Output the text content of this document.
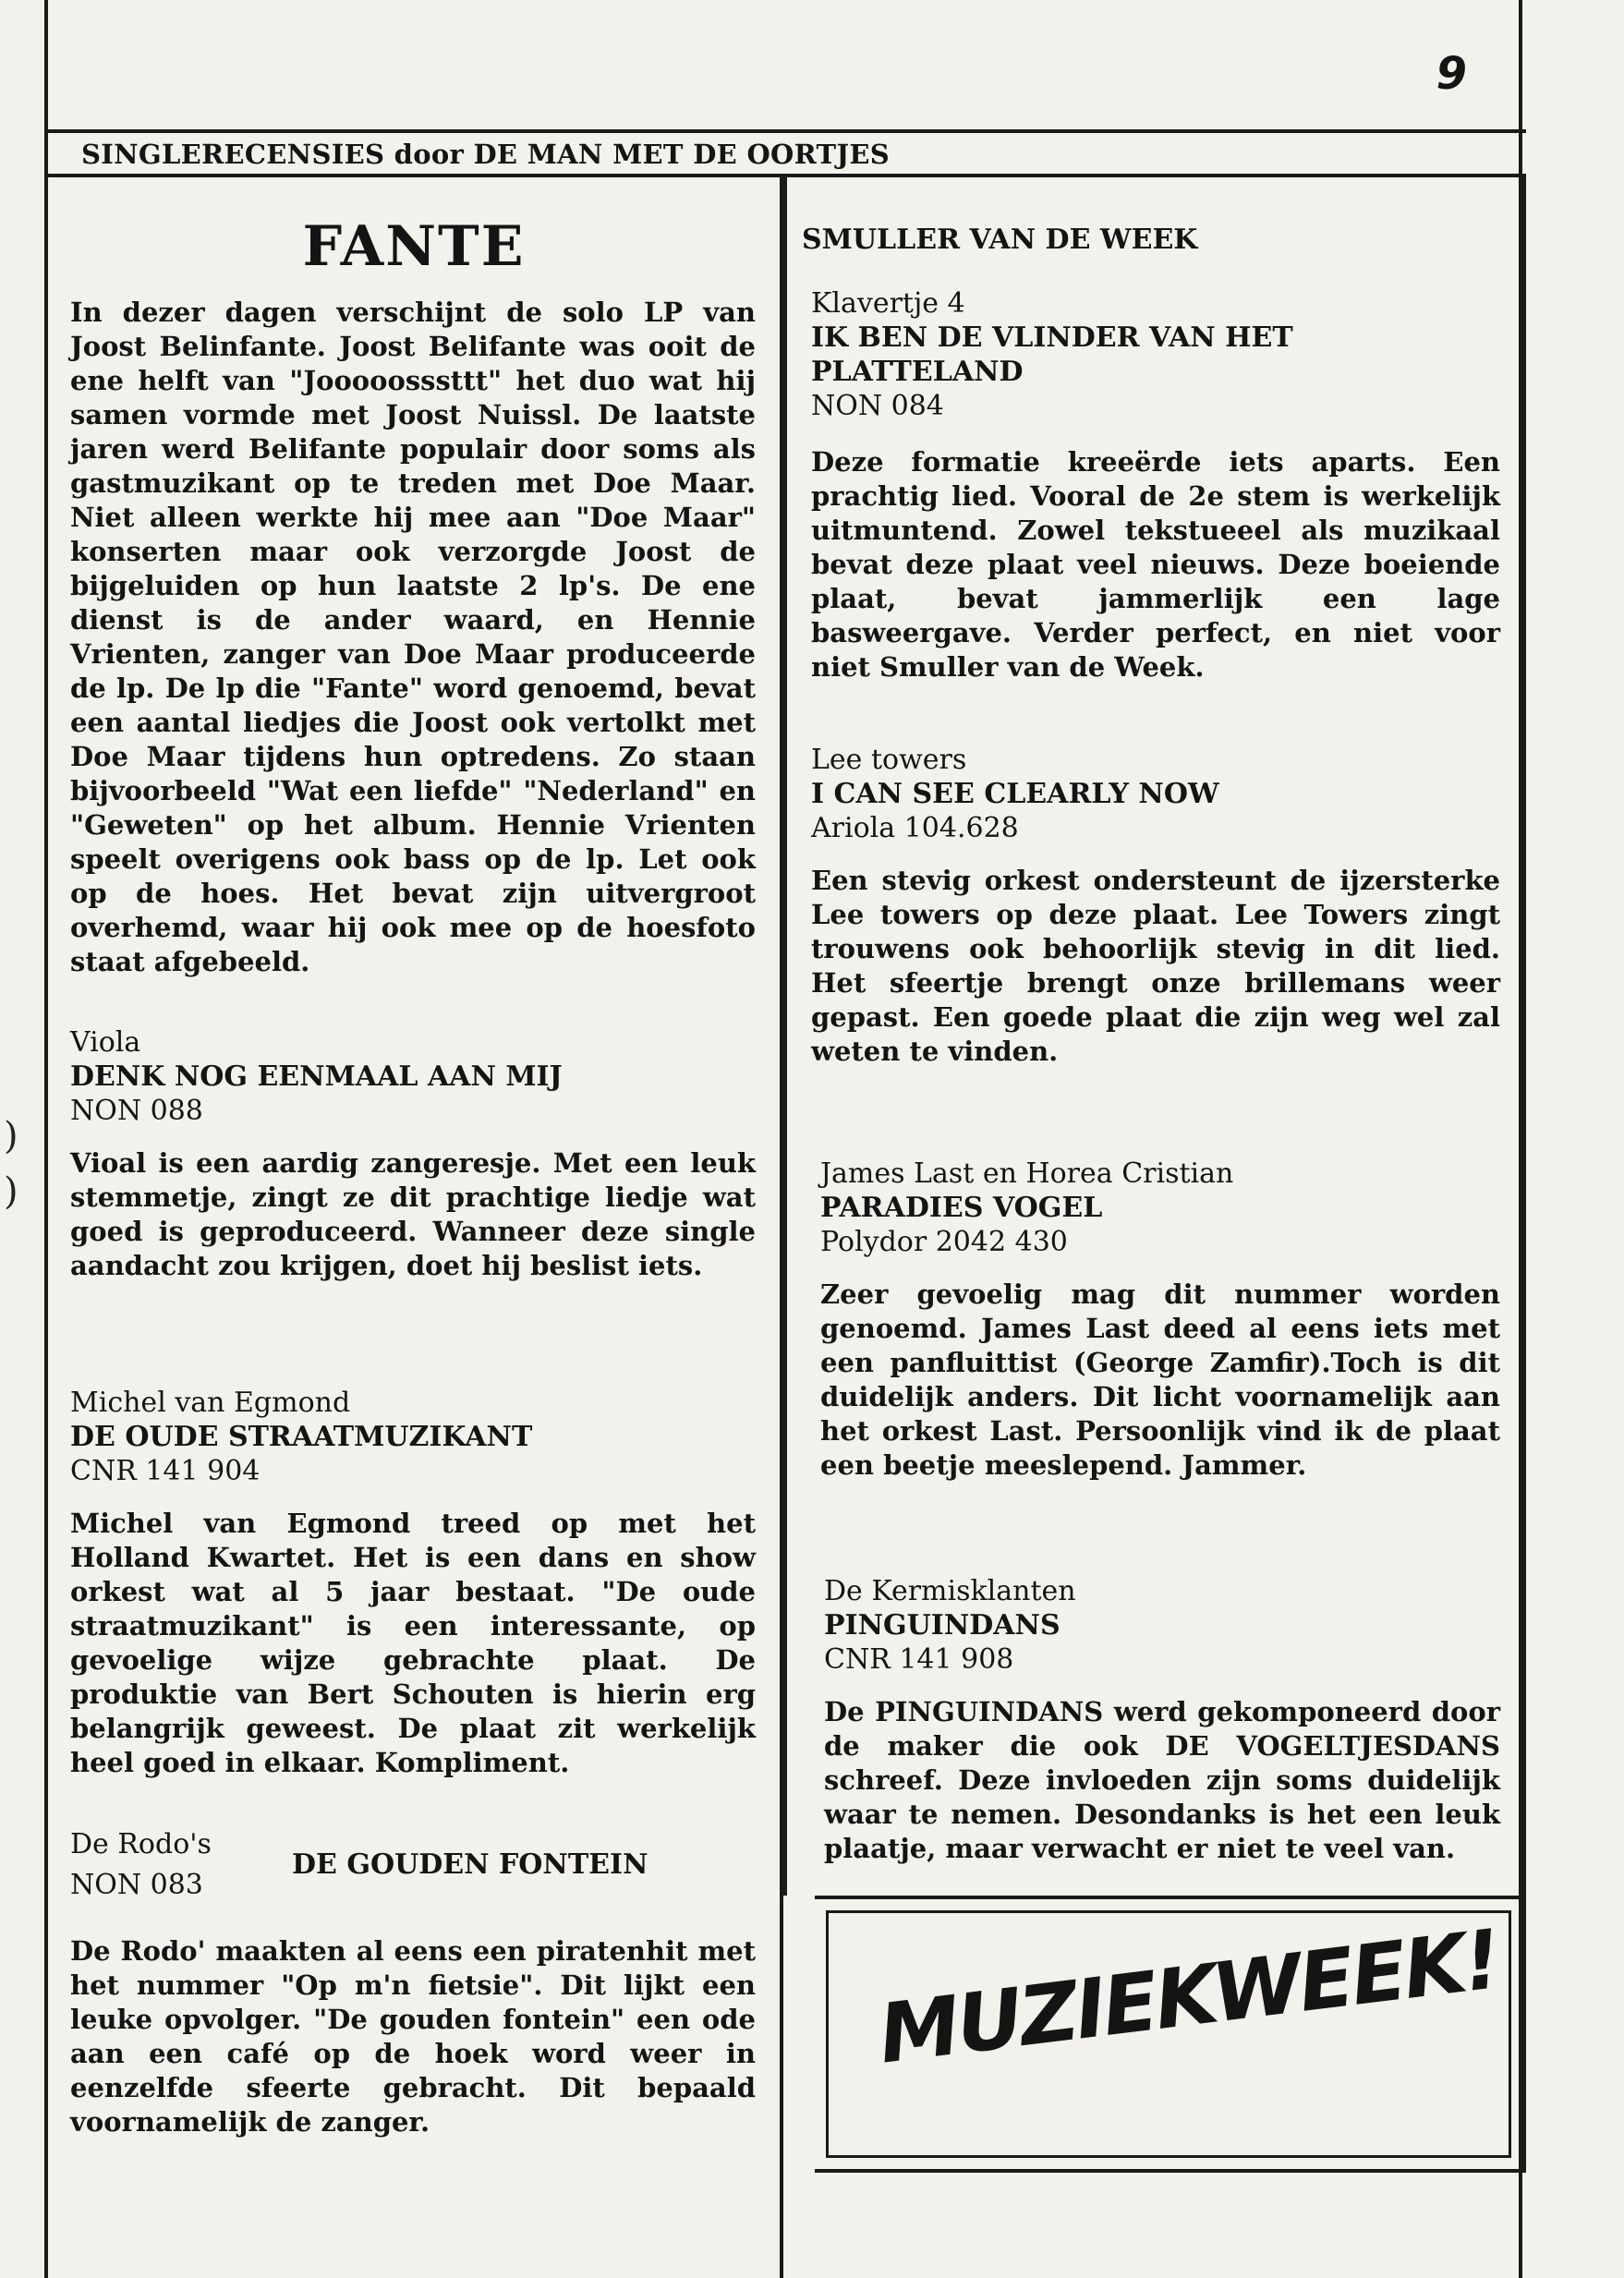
)
)
9
SINGLERECENSIES door DE MAN MET DE OORTJES
FANTE

In dezer dagen verschijnt de solo LP van Joost Belinfante. Joost Belifante was ooit de ene helft van "Jooooosssttt" het duo wat hij samen vormde met Joost Nuissl. De laatste jaren werd Belifante populair door soms als gastmuzikant op te treden met Doe Maar. Niet alleen werkte hij mee aan "Doe Maar" konserten maar ook verzorgde Joost de bijgeluiden op hun laatste 2 lp's. De ene dienst is de ander waard, en Hennie Vrienten, zanger van Doe Maar produceerde de lp. De lp die "Fante" word genoemd, bevat een aantal liedjes die Joost ook vertolkt met Doe Maar tijdens hun optredens. Zo staan bijvoorbeeld "Wat een liefde" "Nederland" en "Geweten" op het album. Hennie Vrienten speelt overigens ook bass op de lp. Let ook op de hoes. Het bevat zijn uitvergroot overhemd, waar hij ook mee op de hoesfoto staat afgebeeld.

Viola
DENK NOG EENMAAL AAN MIJ
NON 088

Vioal is een aardig zangeresje. Met een leuk stemmetje, zingt ze dit prachtige liedje wat goed is geproduceerd. Wanneer deze single aandacht zou krijgen, doet hij beslist iets.

Michel van Egmond
DE OUDE STRAATMUZIKANT
CNR 141 904

Michel van Egmond treed op met het Holland Kwartet. Het is een dans en show orkest wat al 5 jaar bestaat. "De oude straatmuzikant" is een interessante, op gevoelige wijze gebrachte plaat. De produktie van Bert Schouten is hierin erg belangrijk geweest. De plaat zit werkelijk heel goed in elkaar. Kompliment.

De Rodo's
DE GOUDEN FONTEIN
NON 083

De Rodo' maakten al eens een piratenhit met het nummer "Op m'n fietsie". Dit lijkt een leuke opvolger. "De gouden fontein" een ode aan een café op de hoek word weer in eenzelfde sfeerte gebracht. Dit bepaald voornamelijk de zanger.

SMULLER VAN DE WEEK
Klavertje 4
IK BEN DE VLINDER VAN HET PLATTELAND
NON 084

Deze formatie kreeërde iets aparts. Een prachtig lied. Vooral de 2e stem is werkelijk uitmuntend. Zowel tekstueeel als muzikaal bevat deze plaat veel nieuws. Deze boeiende plaat, bevat jammerlijk een lage basweergave. Verder perfect, en niet voor niet Smuller van de Week.

Lee towers
I CAN SEE CLEARLY NOW
Ariola 104.628

Een stevig orkest ondersteunt de ijzersterke Lee towers op deze plaat. Lee Towers zingt trouwens ook behoorlijk stevig in dit lied. Het sfeertje brengt onze brillemans weer gepast. Een goede plaat die zijn weg wel zal weten te vinden.

James Last en Horea Cristian
PARADIES VOGEL
Polydor 2042 430

Zeer gevoelig mag dit nummer worden genoemd. James Last deed al eens iets met een panfluittist (George Zamfir).Toch is dit duidelijk anders. Dit licht voornamelijk aan het orkest Last. Persoonlijk vind ik de plaat een beetje meeslepend. Jammer.

De Kermisklanten
PINGUINDANS
CNR 141 908

De PINGUINDANS werd gekomponeerd door de maker die ook DE VOGELTJESDANS schreef. Deze invloeden zijn soms duidelijk waar te nemen. Desondanks is het een leuk plaatje, maar verwacht er niet te veel van.

MUZIEKWEEK!
